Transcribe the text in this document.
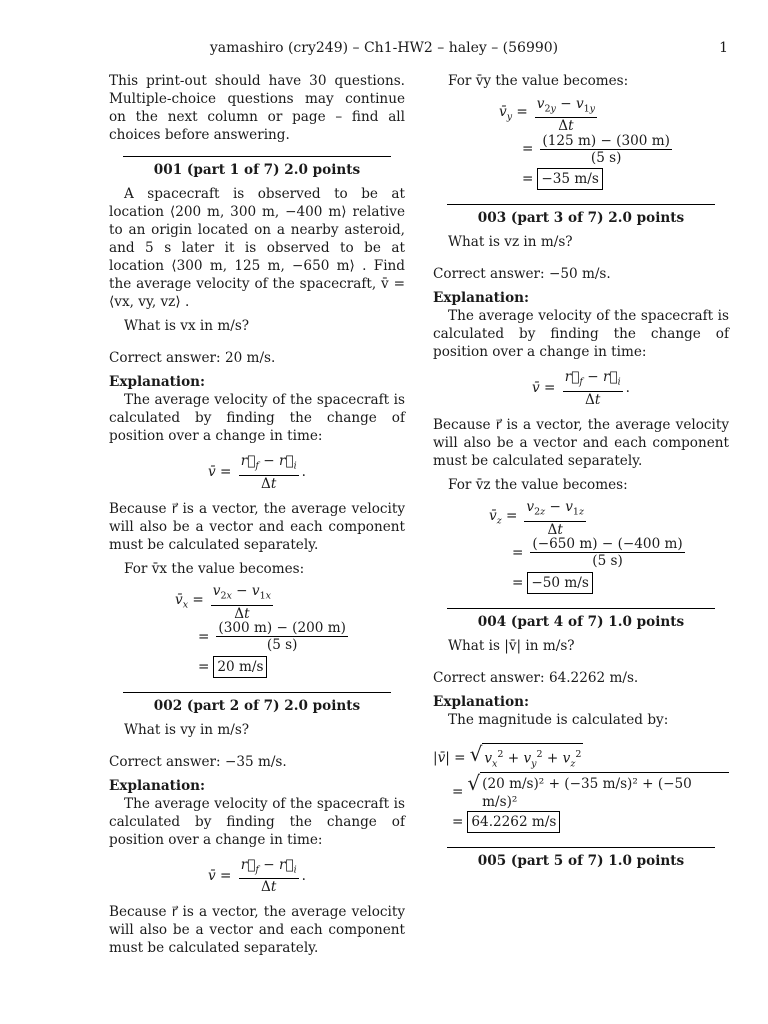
yamashiro (cry249) – Ch1-HW2 – haley – (56990)	1

This print-out should have 30 questions. Multiple-choice questions may continue on the next column or page – find all choices before answering.

001 (part 1 of 7) 2.0 points

A spacecraft is observed to be at location ⟨200 m, 300 m, −400 m⟩ relative to an origin located on a nearby asteroid, and 5 s later it is observed to be at location ⟨300 m, 125 m, −650 m⟩ . Find the average velocity of the spacecraft, v̄ = ⟨vx, vy, vz⟩ .

What is vx in m/s?

Correct answer: 20 m/s.

Explanation:

The average velocity of the spacecraft is calculated by finding the change of position over a change in time:

v̄ = $\frac{r⃗_f - r⃗_i}{\Delta t}$ .

Because r⃗ is a vector, the average velocity will also be a vector and each component must be calculated separately.

For v̄x the value becomes:

$v̄_x = \frac{v_{2x} - v_{1x}}{\Delta t}$
= $\frac{(300 m) - (200 m)}{(5 s)}$
= 20 m/s
002 (part 2 of 7) 2.0 points

What is vy in m/s?

Correct answer: −35 m/s.

Explanation:

The average velocity of the spacecraft is calculated by finding the change of position over a change in time:

v̄ = $\frac{r⃗_f - r⃗_i}{\Delta t}$ .

Because r⃗ is a vector, the average velocity will also be a vector and each component must be calculated separately.

For v̄y the value becomes:

$v̄_y = \frac{v_{2y} - v_{1y}}{\Delta t}$
= $\frac{(125 m) - (300 m)}{(5 s)}$
= −35 m/s
003 (part 3 of 7) 2.0 points

What is vz in m/s?

Correct answer: −50 m/s.

Explanation:

The average velocity of the spacecraft is calculated by finding the change of position over a change in time:

v̄ = $\frac{r⃗_f - r⃗_i}{\Delta t}$ .

Because r⃗ is a vector, the average velocity will also be a vector and each component must be calculated separately.

For v̄z the value becomes:

$v̄_z = \frac{v_{2z} - v_{1z}}{\Delta t}$
= $\frac{(-650 m) - (-400 m)}{(5 s)}$
= −50 m/s
004 (part 4 of 7) 1.0 points

What is |v̄| in m/s?

Correct answer: 64.2262 m/s.

Explanation:

The magnitude is calculated by:

|v̄| = √ $v_x^2 + v_y^2 + v_z^2$
= √ (20 m/s)² + (−35 m/s)² + (−50 m/s)²
= 64.2262 m/s
005 (part 5 of 7) 1.0 points
